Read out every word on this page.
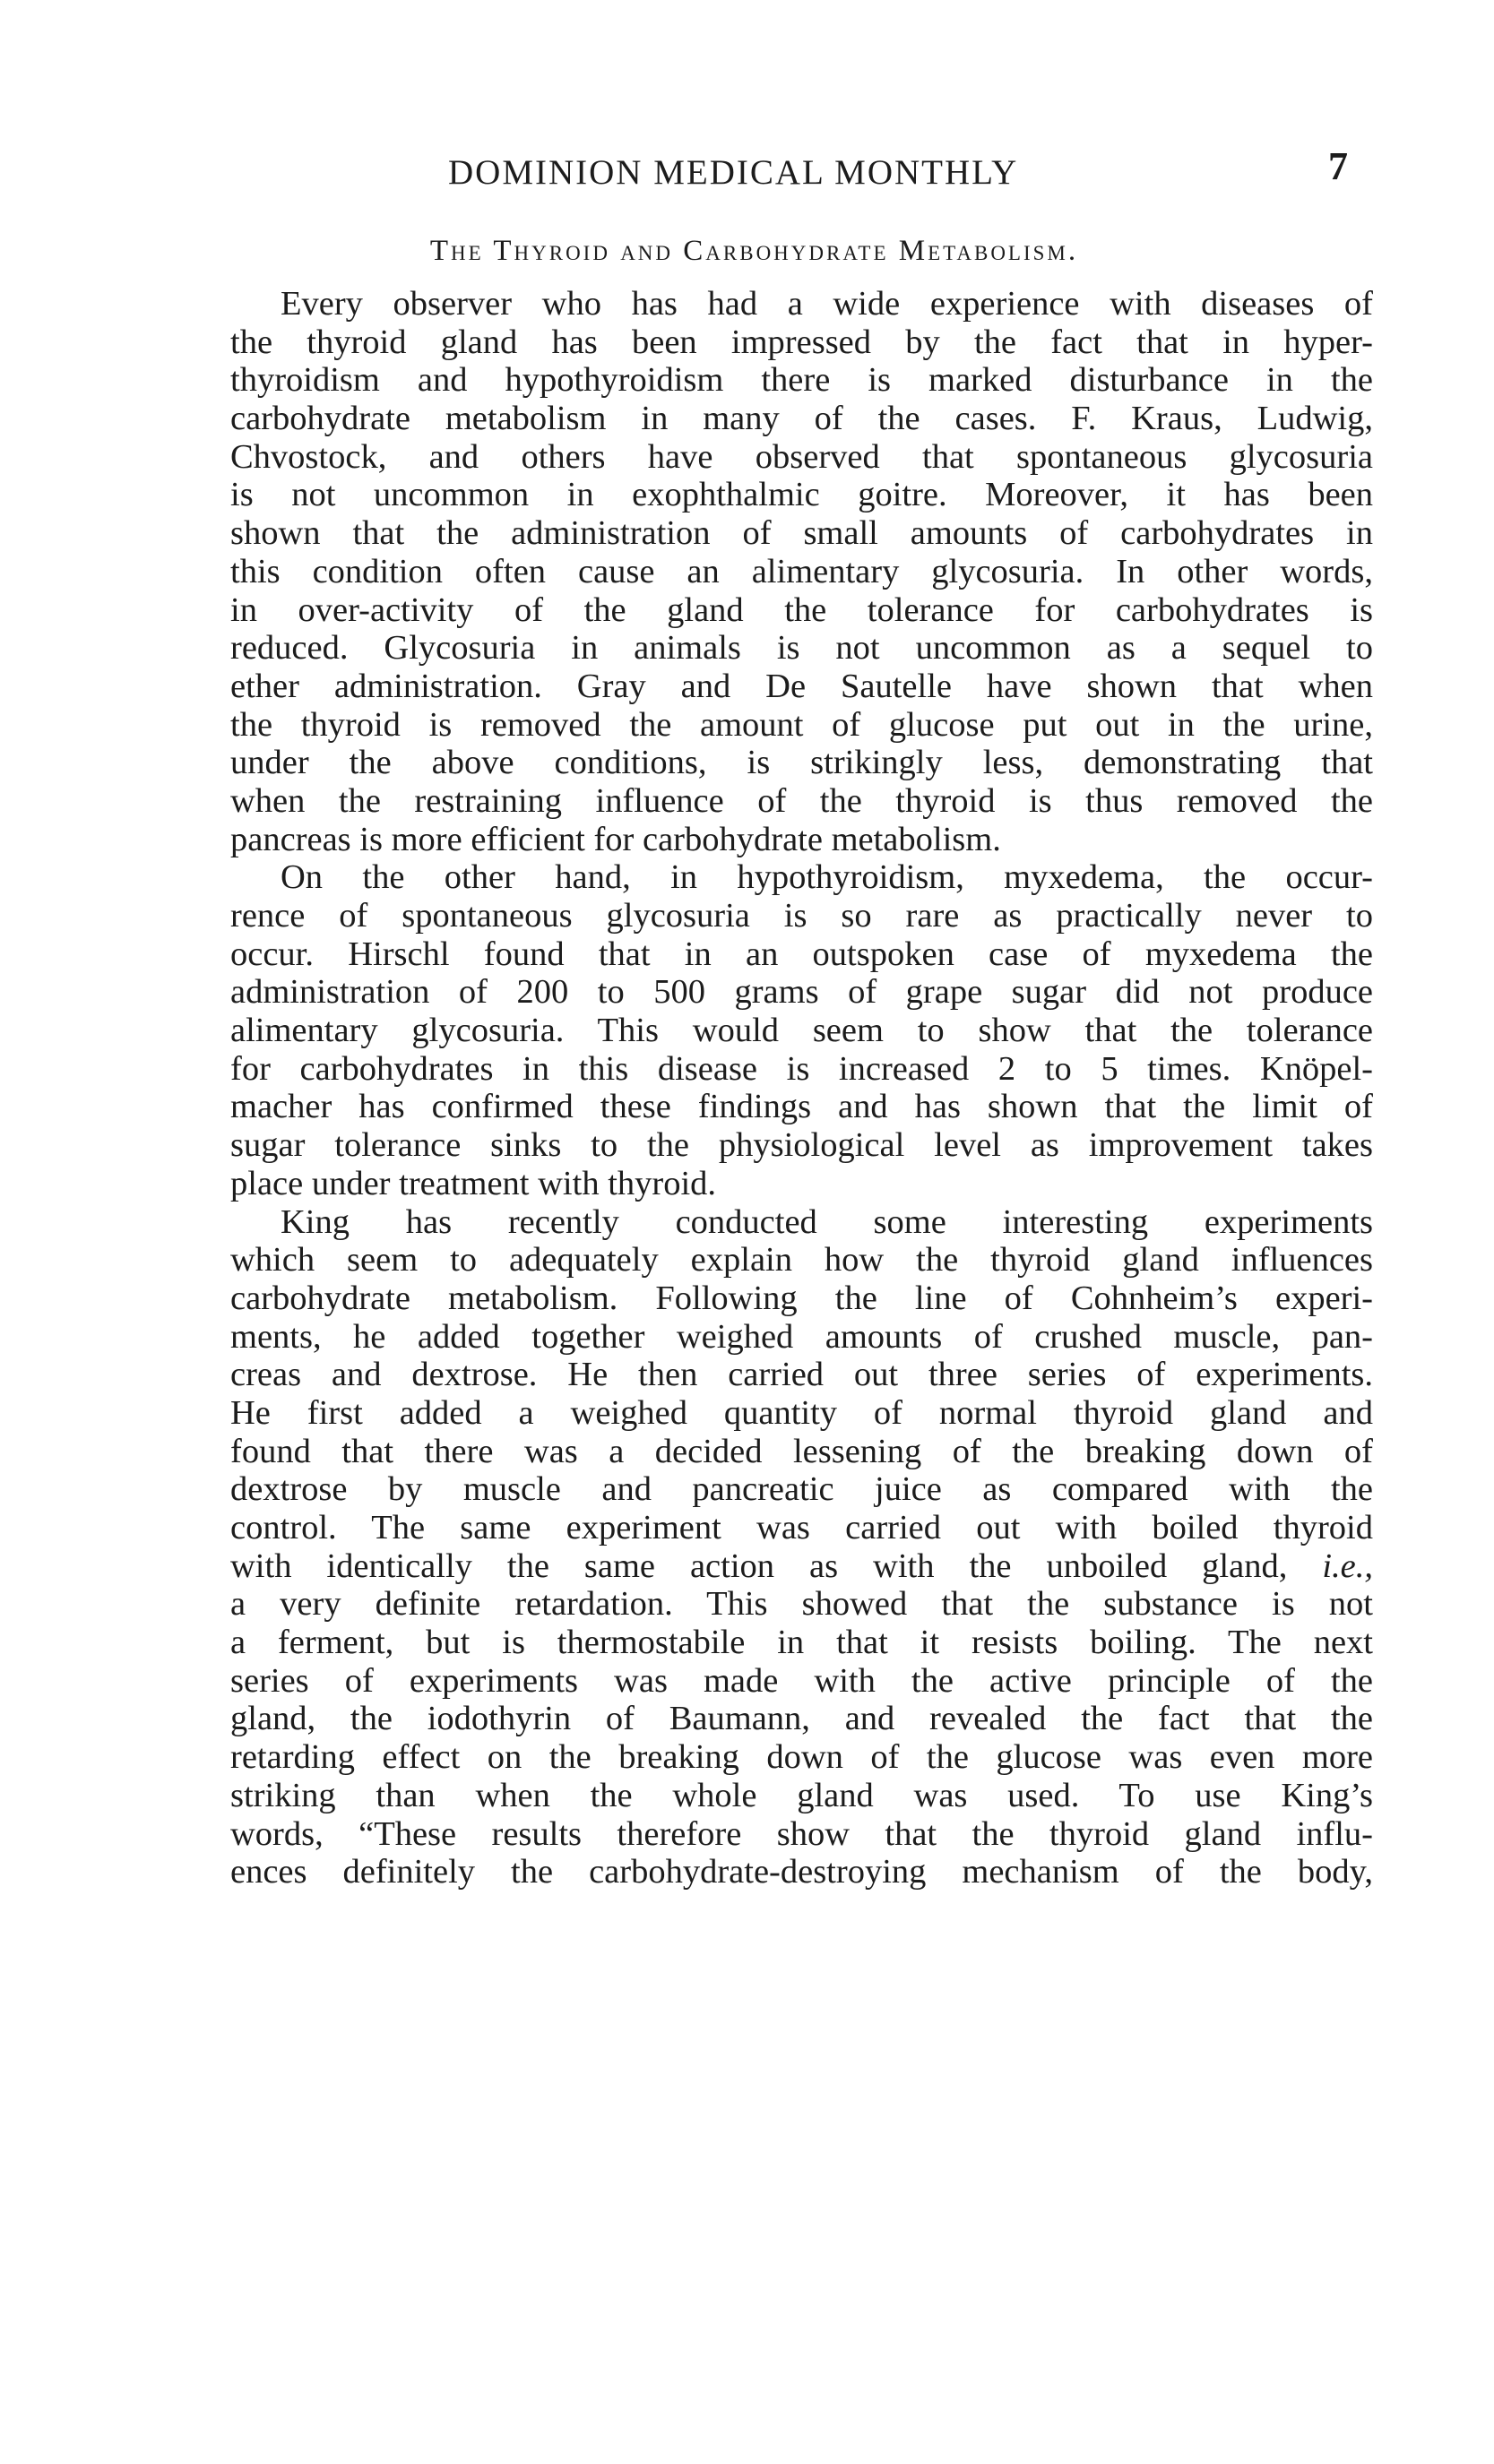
DOMINION MEDICAL MONTHLY	7
The Thyroid and Carbohydrate Metabolism.
Every observer who has had a wide experience with diseases of
the thyroid gland has been impressed by the fact that in hyper-
thyroidism and hypothyroidism there is marked disturbance in the
carbohydrate metabolism in many of the cases. F. Kraus, Ludwig,
Chvostock, and others have observed that spontaneous glycosuria
is not uncommon in exophthalmic goitre. Moreover, it has been
shown that the administration of small amounts of carbohydrates in
this condition often cause an alimentary glycosuria. In other words,
in over-activity of the gland the tolerance for carbohydrates is
reduced. Glycosuria in animals is not uncommon as a sequel to
ether administration. Gray and De Sautelle have shown that when
the thyroid is removed the amount of glucose put out in the urine,
under the above conditions, is strikingly less, demonstrating that
when the restraining influence of the thyroid is thus removed the
pancreas is more efficient for carbohydrate metabolism.
On the other hand, in hypothyroidism, myxedema, the occur-
rence of spontaneous glycosuria is so rare as practically never to
occur. Hirschl found that in an outspoken case of myxedema the
administration of 200 to 500 grams of grape sugar did not produce
alimentary glycosuria. This would seem to show that the tolerance
for carbohydrates in this disease is increased 2 to 5 times. Knöpel-
macher has confirmed these findings and has shown that the limit of
sugar tolerance sinks to the physiological level as improvement takes
place under treatment with thyroid.
King has recently conducted some interesting experiments
which seem to adequately explain how the thyroid gland influences
carbohydrate metabolism. Following the line of Cohnheim’s experi-
ments, he added together weighed amounts of crushed muscle, pan-
creas and dextrose. He then carried out three series of experiments.
He first added a weighed quantity of normal thyroid gland and
found that there was a decided lessening of the breaking down of
dextrose by muscle and pancreatic juice as compared with the
control. The same experiment was carried out with boiled thyroid
with identically the same action as with the unboiled gland, i.e.,
a very definite retardation. This showed that the substance is not
a ferment, but is thermostabile in that it resists boiling. The next
series of experiments was made with the active principle of the
gland, the iodothyrin of Baumann, and revealed the fact that the
retarding effect on the breaking down of the glucose was even more
striking than when the whole gland was used. To use King’s
words, “These results therefore show that the thyroid gland influ-
ences definitely the carbohydrate-destroying mechanism of the body,
